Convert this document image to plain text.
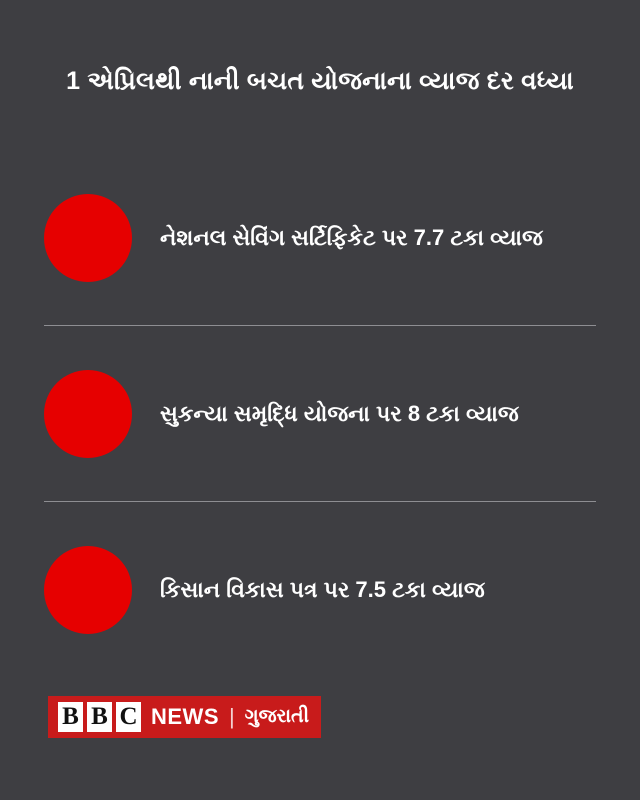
1 એપ્રિલથી નાની બચત યોજનાના વ્યાજ દર વધ્યા
નેશનલ સેવિંગ સર્ટિફિકેટ પર 7.7 ટકા વ્યાજ
સુકન્યા સમૃદ્ધિ યોજના પર 8 ટકા વ્યાજ
કિસાન વિકાસ પત્ર પર 7.5 ટકા વ્યાજ
B B C NEWS | ગુજરાતી
